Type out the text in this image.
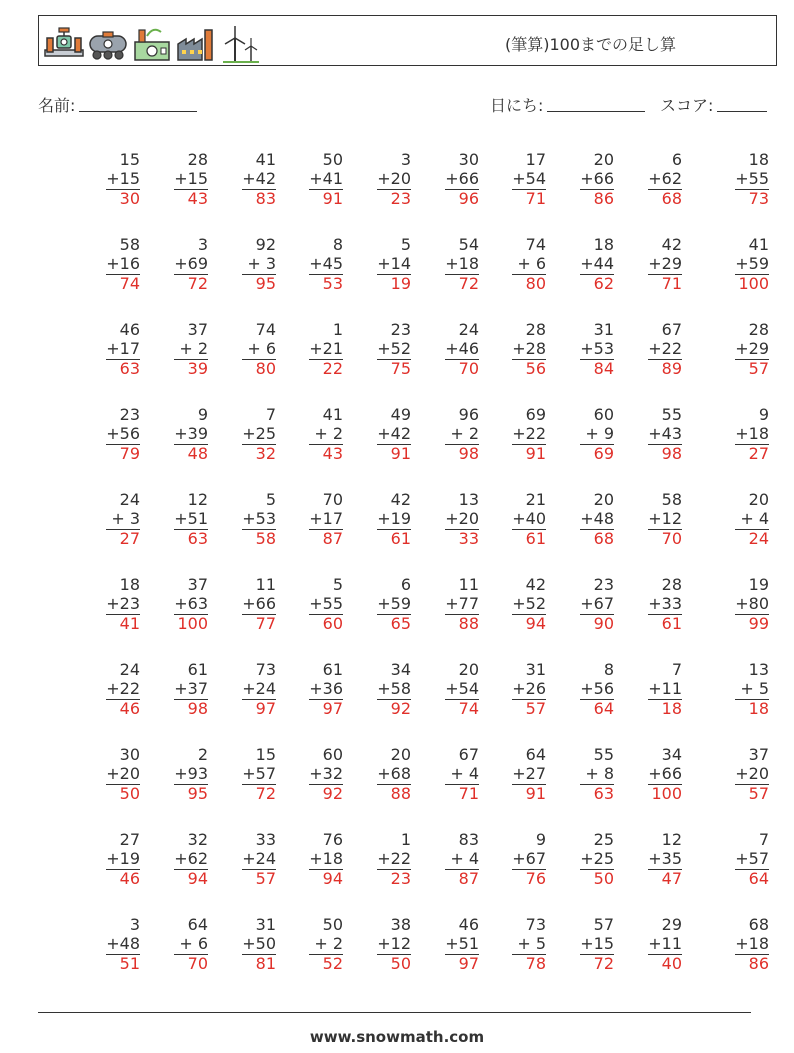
(筆算)100までの足し算
名前:	日にち:	スコア:
15
+15
30
28
+15
43
41
+42
83
50
+41
91
3
+20
23
30
+66
96
17
+54
71
20
+66
86
6
+62
68
18
+55
73
58
+16
74
3
+69
72
92
+ 3
95
8
+45
53
5
+14
19
54
+18
72
74
+ 6
80
18
+44
62
42
+29
71
41
+59
100
46
+17
63
37
+ 2
39
74
+ 6
80
1
+21
22
23
+52
75
24
+46
70
28
+28
56
31
+53
84
67
+22
89
28
+29
57
23
+56
79
9
+39
48
7
+25
32
41
+ 2
43
49
+42
91
96
+ 2
98
69
+22
91
60
+ 9
69
55
+43
98
9
+18
27
24
+ 3
27
12
+51
63
5
+53
58
70
+17
87
42
+19
61
13
+20
33
21
+40
61
20
+48
68
58
+12
70
20
+ 4
24
18
+23
41
37
+63
100
11
+66
77
5
+55
60
6
+59
65
11
+77
88
42
+52
94
23
+67
90
28
+33
61
19
+80
99
24
+22
46
61
+37
98
73
+24
97
61
+36
97
34
+58
92
20
+54
74
31
+26
57
8
+56
64
7
+11
18
13
+ 5
18
30
+20
50
2
+93
95
15
+57
72
60
+32
92
20
+68
88
67
+ 4
71
64
+27
91
55
+ 8
63
34
+66
100
37
+20
57
27
+19
46
32
+62
94
33
+24
57
76
+18
94
1
+22
23
83
+ 4
87
9
+67
76
25
+25
50
12
+35
47
7
+57
64
3
+48
51
64
+ 6
70
31
+50
81
50
+ 2
52
38
+12
50
46
+51
97
73
+ 5
78
57
+15
72
29
+11
40
68
+18
86
www.snowmath.com
